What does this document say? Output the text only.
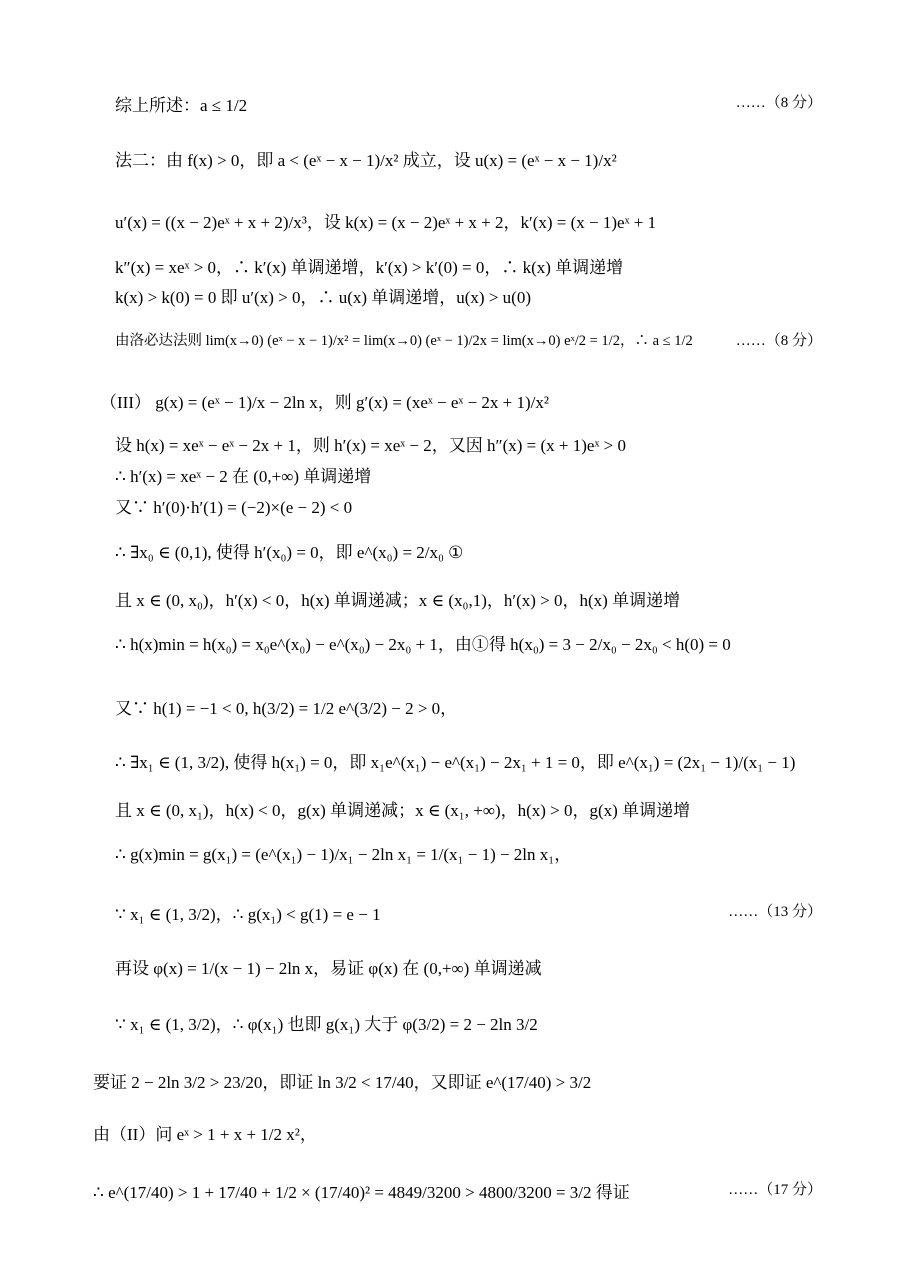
综上所述：a ≤ 1/2	……（8 分）
法二：由 f(x) > 0，即 a < (eˣ − x − 1)/x² 成立，设 u(x) = (eˣ − x − 1)/x²
u′(x) = ((x − 2)eˣ + x + 2)/x³，设 k(x) = (x − 2)eˣ + x + 2，k′(x) = (x − 1)eˣ + 1
k″(x) = xeˣ > 0，∴ k′(x) 单调递增，k′(x) > k′(0) = 0，∴ k(x) 单调递增
k(x) > k(0) = 0 即 u′(x) > 0，∴ u(x) 单调递增，u(x) > u(0)
由洛必达法则 lim(x→0) (eˣ − x − 1)/x² = lim(x→0) (eˣ − 1)/2x = lim(x→0) eˣ/2 = 1/2，∴ a ≤ 1/2	……（8 分）
（III） g(x) = (eˣ − 1)/x − 2ln x，则 g′(x) = (xeˣ − eˣ − 2x + 1)/x²
设 h(x) = xeˣ − eˣ − 2x + 1，则 h′(x) = xeˣ − 2，又因 h″(x) = (x + 1)eˣ > 0
∴ h′(x) = xeˣ − 2 在 (0,+∞) 单调递增
又∵ h′(0)·h′(1) = (−2)×(e − 2) < 0
∴ ∃x₀ ∈ (0,1), 使得 h′(x₀) = 0，即 e^(x₀) = 2/x₀ ①
且 x ∈ (0, x₀)，h′(x) < 0，h(x) 单调递减；x ∈ (x₀,1)，h′(x) > 0，h(x) 单调递增
∴ h(x)min = h(x₀) = x₀e^(x₀) − e^(x₀) − 2x₀ + 1，由①得 h(x₀) = 3 − 2/x₀ − 2x₀ < h(0) = 0
又∵ h(1) = −1 < 0, h(3/2) = 1/2 e^(3/2) − 2 > 0，
∴ ∃x₁ ∈ (1, 3/2), 使得 h(x₁) = 0，即 x₁e^(x₁) − e^(x₁) − 2x₁ + 1 = 0，即 e^(x₁) = (2x₁ − 1)/(x₁ − 1)
且 x ∈ (0, x₁)，h(x) < 0，g(x) 单调递减；x ∈ (x₁, +∞)，h(x) > 0，g(x) 单调递增
∴ g(x)min = g(x₁) = (e^(x₁) − 1)/x₁ − 2ln x₁ = 1/(x₁ − 1) − 2ln x₁，
∵ x₁ ∈ (1, 3/2)，∴ g(x₁) < g(1) = e − 1	……（13 分）
再设 φ(x) = 1/(x − 1) − 2ln x，易证 φ(x) 在 (0,+∞) 单调递减
∵ x₁ ∈ (1, 3/2)，∴ φ(x₁) 也即 g(x₁) 大于 φ(3/2) = 2 − 2ln 3/2
要证 2 − 2ln 3/2 > 23/20，即证 ln 3/2 < 17/40，又即证 e^(17/40) > 3/2
由（II）问 eˣ > 1 + x + 1/2 x²，
∴ e^(17/40) > 1 + 17/40 + 1/2 × (17/40)² = 4849/3200 > 4800/3200 = 3/2 得证	……（17 分）
